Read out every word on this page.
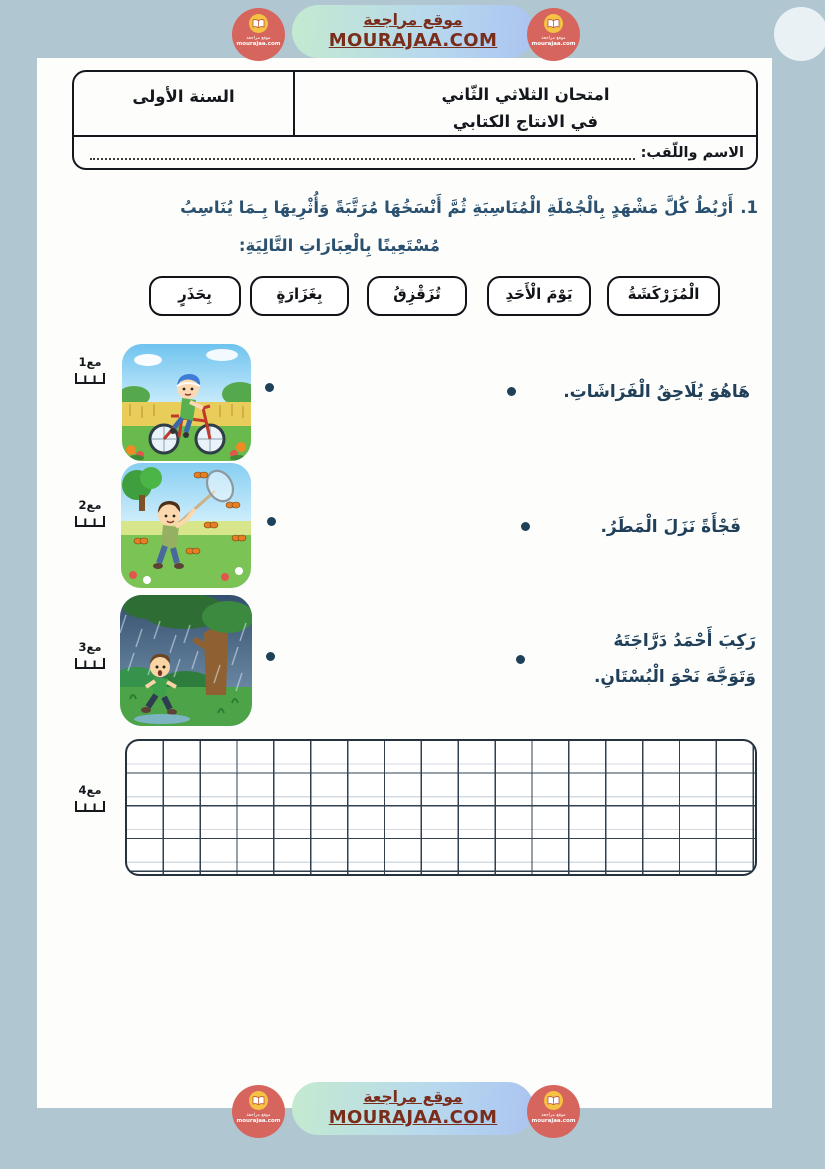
موقع مراجعة
MOURAJAA.COM
موقع مراجعة
mourajaa.com
موقع مراجعة
mourajaa.com
امتحان الثلاثي الثّاني
في الانتاج الكتابي
السنة الأولى
الاسم واللّقب:
1.أَرْبُطُ كُلَّ مَشْهَدٍ بِالْجُمْلَةِ الْمُنَاسِبَةِ ثُمَّ أَنْسَخُهَا مُرَتَّبَةً وَأُثْرِيهَا بِـمَا يُنَاسِبُ
مُسْتَعِينًا بِالْعِبَارَاتِ التَّالِيَةِ:
الْمُزَرْكَشَةُ
يَوْمَ الْأَحَدِ
تُزَقْزِقُ
بِغَزَارَةٍ
بِحَذَرٍ
مع1
هَاهُوَ يُلَاحِقُ الْفَرَاشَاتِ.
مع2
فَجْأَةً نَزَلَ الْمَطَرُ.
مع3	رَكِبَ أَحْمَدُ دَرَّاجَتَهُ
وَتَوَجَّهَ نَحْوَ الْبُسْتَانِ.
مع4
موقع مراجعة
MOURAJAA.COM
موقع مراجعة
mourajaa.com
موقع مراجعة
mourajaa.com
